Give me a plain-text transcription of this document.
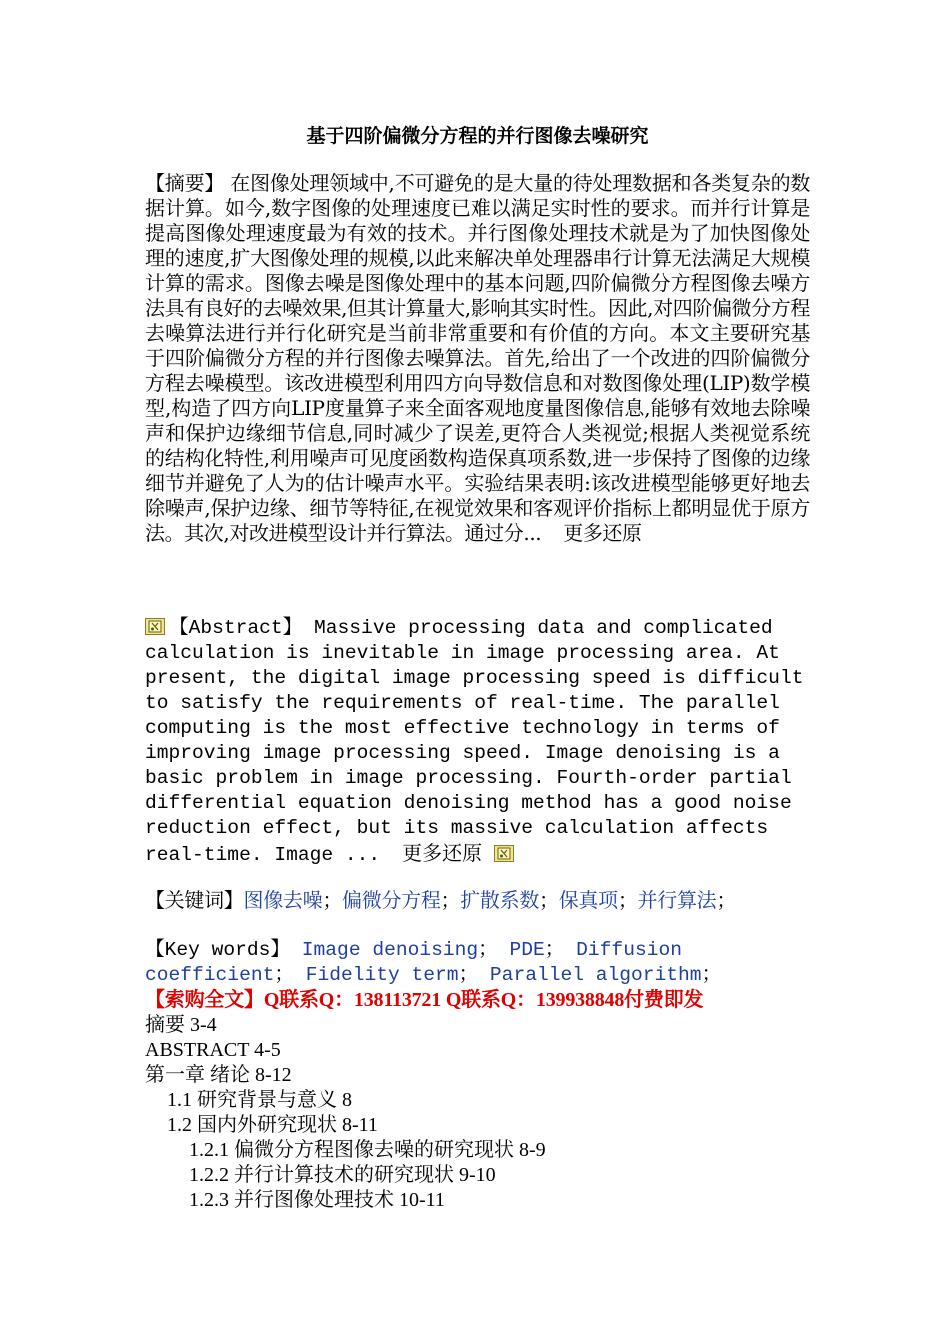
基于四阶偏微分方程的并行图像去噪研究
【摘要】 在图像处理领域中,不可避免的是大量的待处理数据和各类复杂的数据计算。如今,数字图像的处理速度已难以满足实时性的要求。而并行计算是提高图像处理速度最为有效的技术。并行图像处理技术就是为了加快图像处理的速度,扩大图像处理的规模,以此来解决单处理器串行计算无法满足大规模计算的需求。图像去噪是图像处理中的基本问题,四阶偏微分方程图像去噪方法具有良好的去噪效果,但其计算量大,影响其实时性。因此,对四阶偏微分方程去噪算法进行并行化研究是当前非常重要和有价值的方向。本文主要研究基于四阶偏微分方程的并行图像去噪算法。首先,给出了一个改进的四阶偏微分方程去噪模型。该改进模型利用四方向导数信息和对数图像处理(LIP)数学模型,构造了四方向LIP度量算子来全面客观地度量图像信息,能够有效地去除噪声和保护边缘细节信息,同时减少了误差,更符合人类视觉;根据人类视觉系统的结构化特性,利用噪声可见度函数构造保真项系数,进一步保持了图像的边缘细节并避免了人为的估计噪声水平。实验结果表明:该改进模型能够更好地去除噪声,保护边缘、细节等特征,在视觉效果和客观评价指标上都明显优于原方法。其次,对改进模型设计并行算法。通过分... 更多还原
【Abstract】 Massive processing data and complicated calculation is inevitable in image processing area. At present, the digital image processing speed is difficult to satisfy the requirements of real-time. The parallel computing is the most effective technology in terms of improving image processing speed. Image denoising is a basic problem in image processing. Fourth-order partial differential equation denoising method has a good noise reduction effect, but its massive calculation affects real-time. Image ... 更多还原
【关键词】图像去噪；偏微分方程；扩散系数；保真项；并行算法；
【Key words】 Image denoising； PDE； Diffusion coefficient； Fidelity term； Parallel algorithm；
【索购全文】Q联系Q：138113721 Q联系Q：139938848付费即发
摘要 3-4
ABSTRACT 4-5
第一章 绪论 8-12
1.1 研究背景与意义 8
1.2 国内外研究现状 8-11
1.2.1 偏微分方程图像去噪的研究现状 8-9
1.2.2 并行计算技术的研究现状 9-10
1.2.3 并行图像处理技术 10-11
